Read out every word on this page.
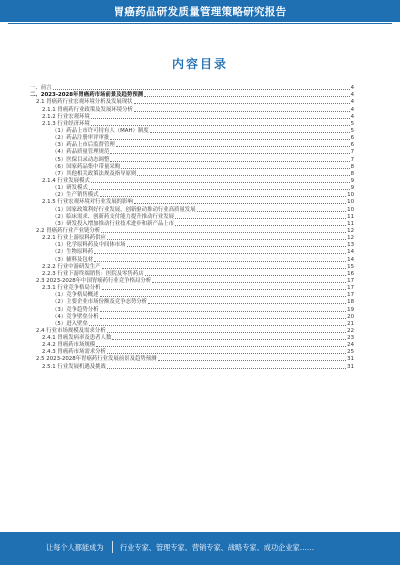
胃癌药品研发质量管理策略研究报告
内容目录
一、前言	4
二、2023-2028年胃癌药市场前景及趋势预测	4
2.1 胃癌药行业宏观环境分析及发展现状	4
2.1.1 胃癌药行业政策及发展环境分析	4
2.1.2 行业宏观环境	4
2.1.3 行业经济环境	5
（1）药品上市许可持有人（MAH）制度	5
（2）药品注册审评审批	6
（3）药品上市后监督管理	6
（4）药品质量管理规范	7
（5）医保目录动态调整	7
（6）国家药品集中带量采购	8
（7）其他相关政策法规及指导原则	8
2.1.4 行业发展模式	9
（1）研发模式	9
（2）生产销售模式	10
2.1.5 行业宏观环境对行业发展的影响	10
（1）国家政策利好行业发展，创新驱动推动行业高质量发展	10
（2）临床需求、创新药支付能力提升推动行业发展	11
（3）研发投入增加推动行业技术进步和新产品上市	11
2.2 胃癌药行业产业链分析	12
2.2.1 行业上游原料药供应	12
（1）化学原料药及中间体市场	13
（2）生物原料药	14
（3）辅料及包材	14
2.2.2 行业中游研发生产	15
2.2.3 行业下游终端销售：医院及零售药店	16
2.3 2023-2028年中国胃癌药行业竞争格局分析	17
2.3.1 行业竞争格局分析	17
（1）竞争格局概述	17
（2）主要企业市场份额及竞争态势分析	18
（3）竞争趋势分析	19
（4）竞争壁垒分析	20
（5）进入壁垒	21
2.4 行业市场规模及需求分析	22
2.4.1 胃癌发病率及患者人数	23
2.4.2 胃癌药市场规模	24
2.4.3 胃癌药市场需求分析	25
2.5 2023-2028年胃癌药行业发展前景及趋势预测	31
2.5.1 行业发展机遇及挑战	31
让每个人都能成为 行业专家、管理专家、营销专家、战略专家、成功企业家……
